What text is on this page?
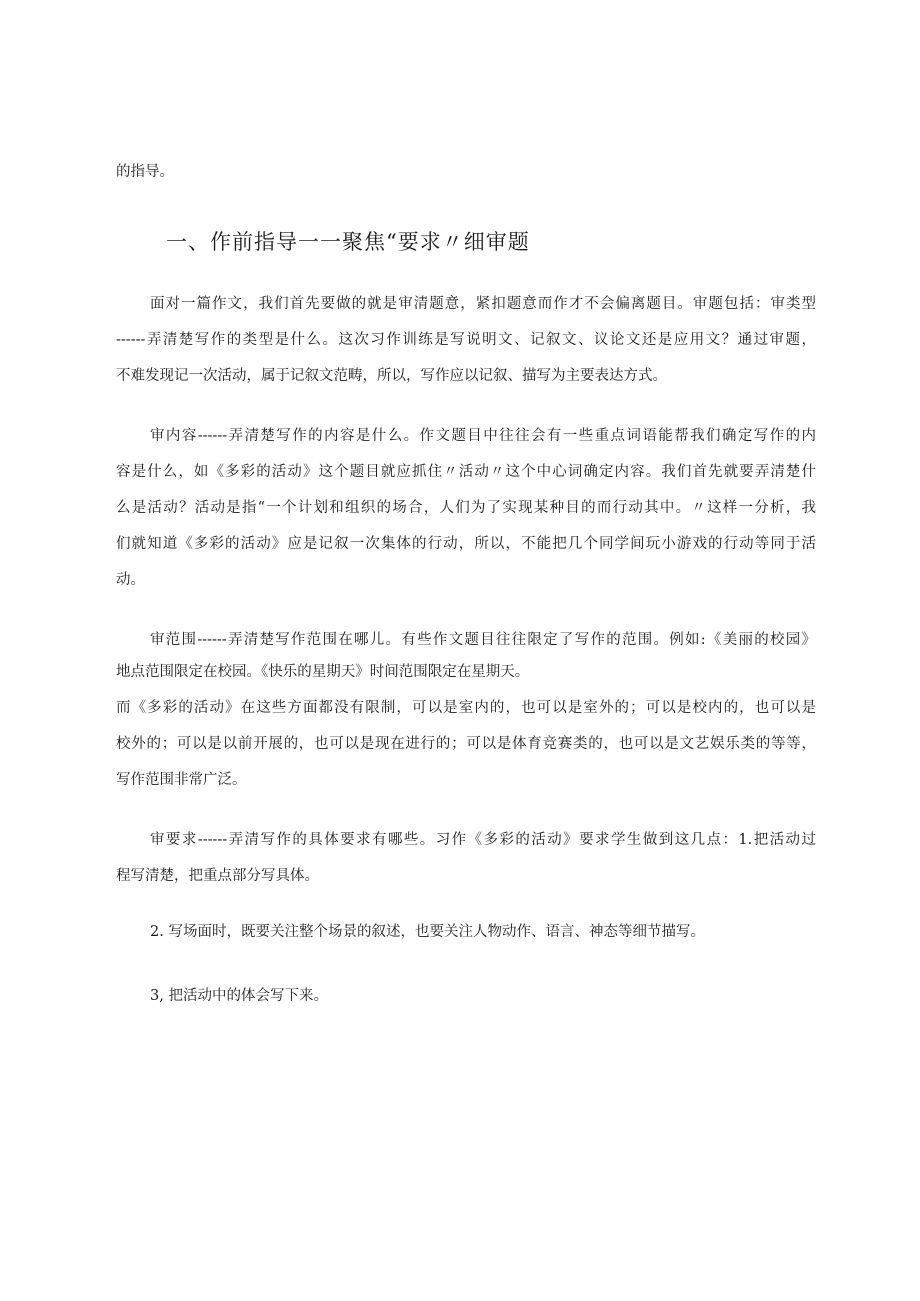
的指导。
一、作前指导一一聚焦“要求〃细审题
面对一篇作文，我们首先要做的就是审清题意，紧扣题意而作才不会偏离题目。审题包括：审类型
------弄清楚写作的类型是什么。这次习作训练是写说明文、记叙文、议论文还是应用文？通过审题，
不难发现记一次活动，属于记叙文范畴，所以，写作应以记叙、描写为主要表达方式。
审内容------弄清楚写作的内容是什么。作文题目中往往会有一些重点词语能帮我们确定写作的内
容是什么，如《多彩的活动》这个题目就应抓住〃活动〃这个中心词确定内容。我们首先就要弄清楚什
么是活动？活动是指“一个计划和组织的场合，人们为了实现某种目的而行动其中。〃这样一分析，我
们就知道《多彩的活动》应是记叙一次集体的行动，所以，不能把几个同学间玩小游戏的行动等同于活
动。
审范围------弄清楚写作范围在哪儿。有些作文题目往往限定了写作的范围。例如:《美丽的校园》
地点范围限定在校园。《快乐的星期天》时间范围限定在星期天。
而《多彩的活动》在这些方面都没有限制，可以是室内的，也可以是室外的；可以是校内的，也可以是
校外的；可以是以前开展的，也可以是现在进行的；可以是体育竞赛类的，也可以是文艺娱乐类的等等，
写作范围非常广泛。
审要求------弄清写作的具体要求有哪些。习作《多彩的活动》要求学生做到这几点：1.把活动过
程写清楚，把重点部分写具体。
2. 写场面时，既要关注整个场景的叙述，也要关注人物动作、语言、神态等细节描写。
3, 把活动中的体会写下来。
